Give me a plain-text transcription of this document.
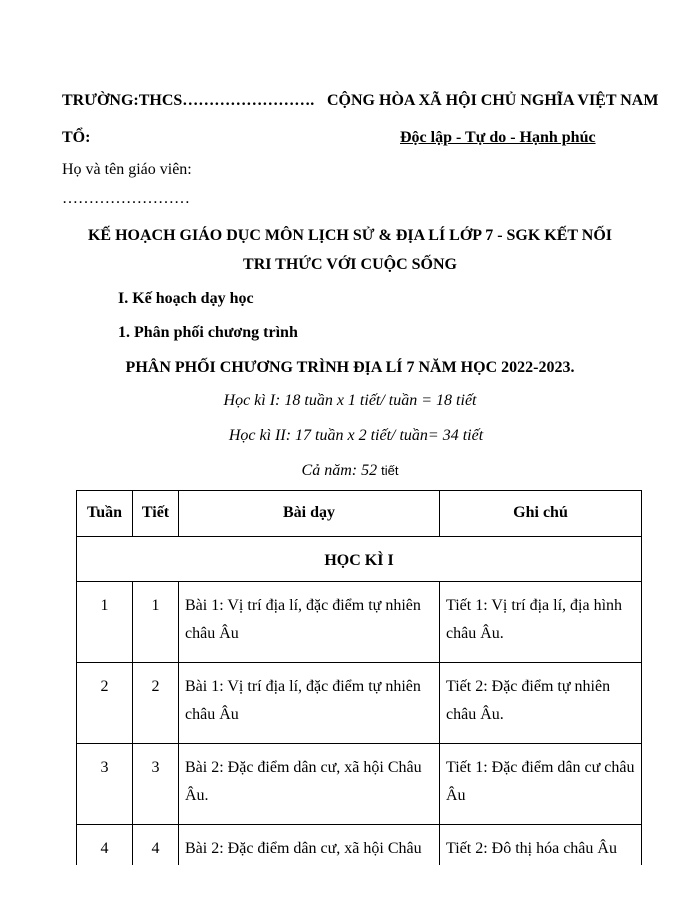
TRƯỜNG:THCS……………………. CỘNG HÒA XÃ HỘI CHỦ NGHĨA VIỆT NAM
TỔ:	Độc lập - Tự do - Hạnh phúc
Họ và tên giáo viên:
……………………
KẾ HOẠCH GIÁO DỤC MÔN LỊCH SỬ & ĐỊA LÍ LỚP 7 - SGK KẾT NỐI
TRI THỨC VỚI CUỘC SỐNG
I. Kế hoạch dạy học
1. Phân phối chương trình
PHÂN PHỐI CHƯƠNG TRÌNH ĐỊA LÍ 7 NĂM HỌC 2022-2023.
Học kì I: 18 tuần x 1 tiết/ tuần = 18 tiết
Học kì II: 17 tuần x 2 tiết/ tuần= 34 tiết
Cả năm: 52 tiết
Tuần	Tiết	Bài dạy	Ghi chú
HỌC KÌ I			
1	1	Bài 1: Vị trí địa lí, đặc điểm tự nhiên châu Âu	Tiết 1: Vị trí địa lí, địa hình châu Âu.
2	2	Bài 1: Vị trí địa lí, đặc điểm tự nhiên châu Âu	Tiết 2: Đặc điểm tự nhiên châu Âu.
3	3	Bài 2: Đặc điểm dân cư, xã hội Châu Âu.	Tiết 1: Đặc điểm dân cư châu Âu
4	4	Bài 2: Đặc điểm dân cư, xã hội Châu	Tiết 2: Đô thị hóa châu Âu
